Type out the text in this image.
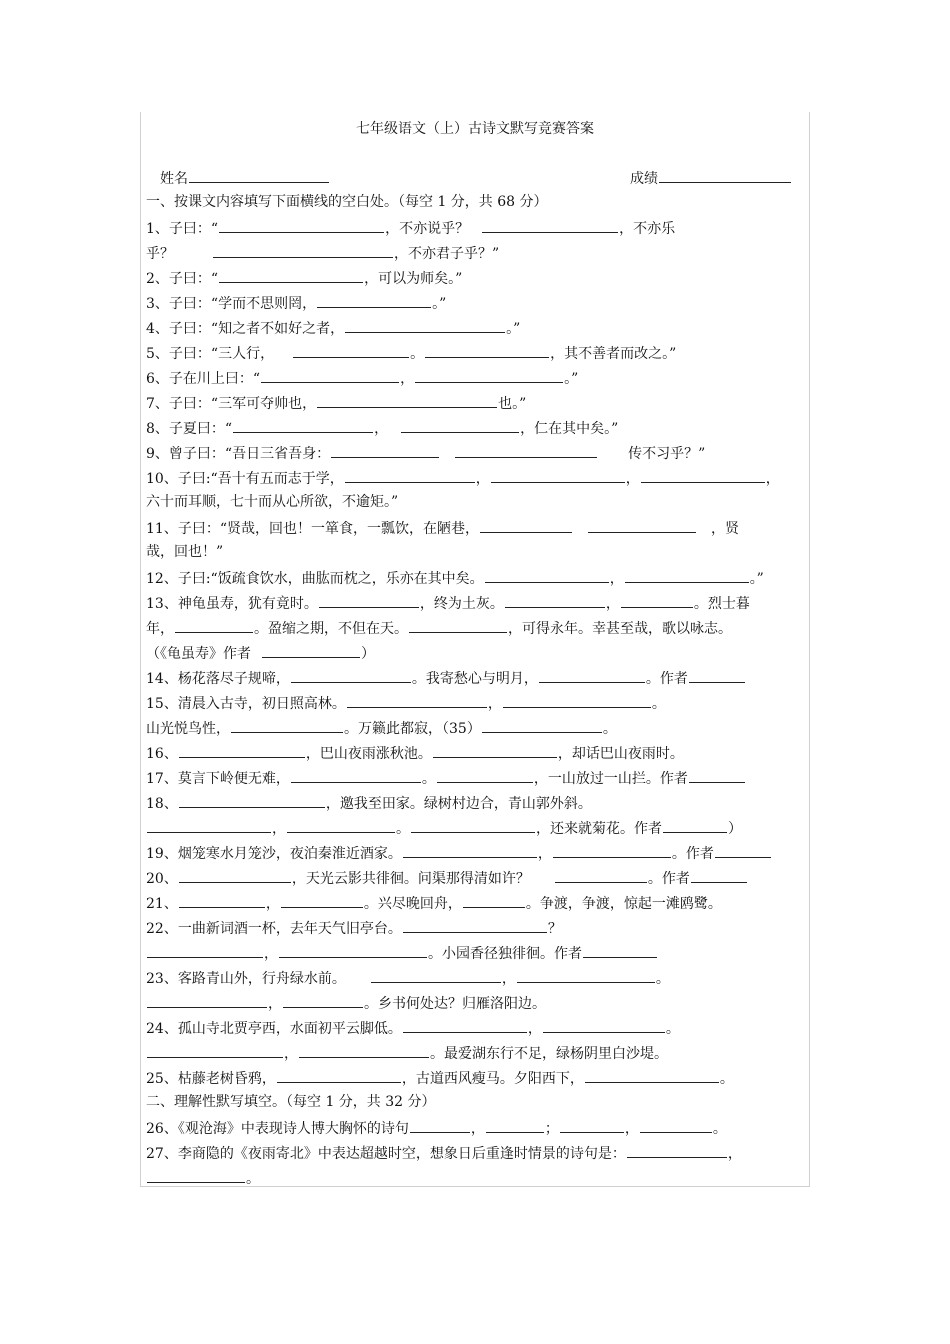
七年级语文（上）古诗文默写竞赛答案
姓名	成绩
一、按课文内容填写下面横线的空白处。（每空 1 分，共 68 分）
1、子曰：“	，不亦说乎？	，不亦乐
乎？	，不亦君子乎？”
2、子曰：“	，可以为师矣。”
3、子曰：“学而不思则罔，	。”
4、子曰：“知之者不如好之者，	。”
5、子曰：“三人行，	。	，其不善者而改之。”
6、子在川上曰：“	，	。”
7、子曰：“三军可夺帅也，	也。”
8、子夏曰：“	，	，仁在其中矣。”
9、曾子曰：“吾日三省吾身：	传不习乎？”
10、子曰:“吾十有五而志于学，	，	，	，
六十而耳顺，七十而从心所欲，不逾矩。”
11、子曰：“贤哉，回也！一箪食，一瓢饮，在陋巷，	，贤
哉，回也！”
12、子曰:“饭疏食饮水，曲肱而枕之，乐亦在其中矣。	，	。”
13、神龟虽寿，犹有竟时。	，终为土灰。	，	。烈士暮
年，	。盈缩之期，不但在天。	，可得永年。幸甚至哉，歌以咏志。
（《龟虽寿》作者	）
14、杨花落尽子规啼，	。我寄愁心与明月，	。作者
15、清晨入古寺，初日照高林。	，	。
山光悦鸟性，	。万籁此都寂，（35）	。
16、	，巴山夜雨涨秋池。	，却话巴山夜雨时。
17、莫言下岭便无难，	。	，一山放过一山拦。作者
18、	，邀我至田家。绿树村边合，青山郭外斜。
，	。	，还来就菊花。作者	）
19、烟笼寒水月笼沙，夜泊秦淮近酒家。	，	。作者
20、	，天光云影共徘徊。问渠那得清如许？	。作者
21、	，	。兴尽晚回舟，	。争渡，争渡，惊起一滩鸥鹭。
22、一曲新词酒一杯，去年天气旧亭台。	？
，	。小园香径独徘徊。作者
23、客路青山外，行舟绿水前。	，	。
，	。乡书何处达？归雁洛阳边。
24、孤山寺北贾亭西，水面初平云脚低。	，	。
，	。最爱湖东行不足，绿杨阴里白沙堤。
25、枯藤老树昏鸦，	，古道西风瘦马。夕阳西下，	。
二、理解性默写填空。（每空 1 分，共 32 分）
26、《观沧海》中表现诗人博大胸怀的诗句	，	；	，	。
27、李商隐的《夜雨寄北》中表达超越时空，想象日后重逢时情景的诗句是：	，
。
